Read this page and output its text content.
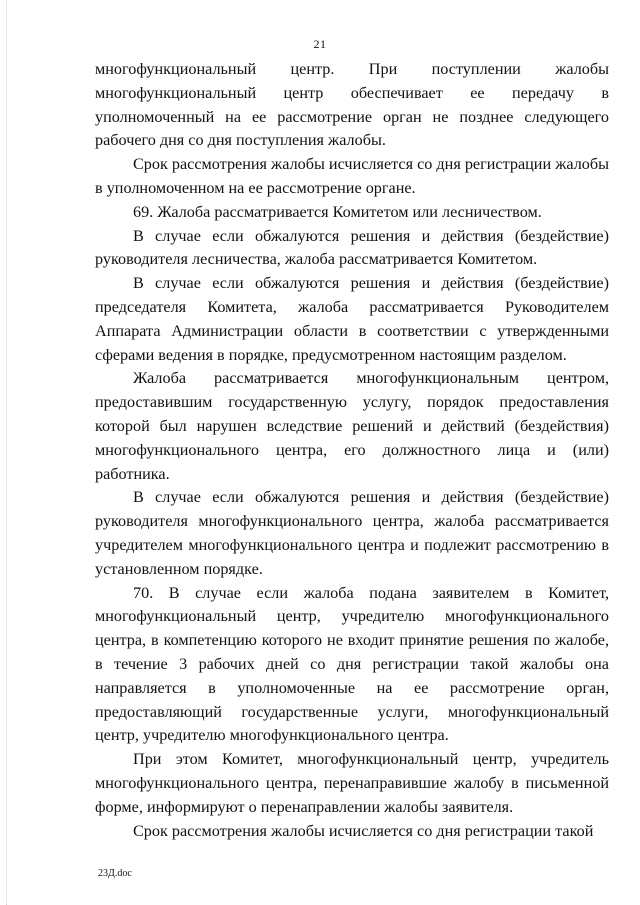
21

многофункциональный центр. При поступлении жалобы многофункциональный центр обеспечивает ее передачу в уполномоченный на ее рассмотрение орган не позднее следующего рабочего дня со дня поступления жалобы.

Срок рассмотрения жалобы исчисляется со дня регистрации жалобы в уполномоченном на ее рассмотрение органе.

69. Жалоба рассматривается Комитетом или лесничеством.

В случае если обжалуются решения и действия (бездействие) руководителя лесничества, жалоба рассматривается Комитетом.

В случае если обжалуются решения и действия (бездействие) председателя Комитета, жалоба рассматривается Руководителем Аппарата Администрации области в соответствии с утвержденными сферами ведения в порядке, предусмотренном настоящим разделом.

Жалоба рассматривается многофункциональным центром, предоставившим государственную услугу, порядок предоставления которой был нарушен вследствие решений и действий (бездействия) многофункционального центра, его должностного лица и (или) работника.

В случае если обжалуются решения и действия (бездействие) руководителя многофункционального центра, жалоба рассматривается учредителем многофункционального центра и подлежит рассмотрению в установленном порядке.

70. В случае если жалоба подана заявителем в Комитет, многофункциональный центр, учредителю многофункционального центра, в компетенцию которого не входит принятие решения по жалобе, в течение 3 рабочих дней со дня регистрации такой жалобы она направляется в уполномоченные на ее рассмотрение орган, предоставляющий государственные услуги, многофункциональный центр, учредителю многофункционального центра.

При этом Комитет, многофункциональный центр, учредитель многофункционального центра, перенаправившие жалобу в письменной форме, информируют о перенаправлении жалобы заявителя.

Срок рассмотрения жалобы исчисляется со дня регистрации такой

23Д.doc
